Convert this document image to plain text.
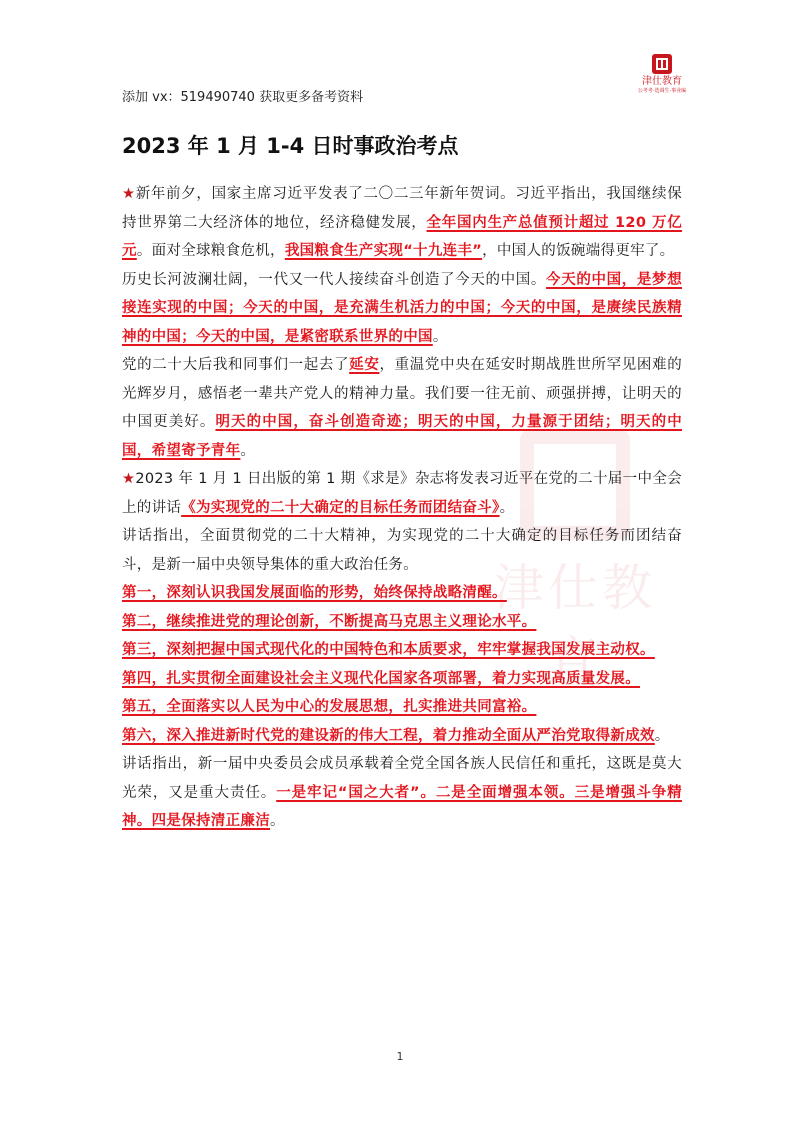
添加 vx：519490740 获取更多备考资料
津仕教育
公考考·选调生·事业编
津仕教育
2023 年 1 月 1-4 日时事政治考点

★新年前夕，国家主席习近平发表了二〇二三年新年贺词。习近平指出，我国继续保持世界第二大经济体的地位，经济稳健发展，全年国内生产总值预计超过 120 万亿元。面对全球粮食危机，我国粮食生产实现“十九连丰”，中国人的饭碗端得更牢了。

历史长河波澜壮阔，一代又一代人接续奋斗创造了今天的中国。今天的中国，是梦想接连实现的中国；今天的中国，是充满生机活力的中国；今天的中国，是赓续民族精神的中国；今天的中国，是紧密联系世界的中国。

党的二十大后我和同事们一起去了延安，重温党中央在延安时期战胜世所罕见困难的光辉岁月，感悟老一辈共产党人的精神力量。我们要一往无前、顽强拼搏，让明天的中国更美好。明天的中国，奋斗创造奇迹；明天的中国，力量源于团结；明天的中国，希望寄予青年。

★2023 年 1 月 1 日出版的第 1 期《求是》杂志将发表习近平在党的二十届一中全会上的讲话《为实现党的二十大确定的目标任务而团结奋斗》。

讲话指出，全面贯彻党的二十大精神，为实现党的二十大确定的目标任务而团结奋斗，是新一届中央领导集体的重大政治任务。

第一，深刻认识我国发展面临的形势，始终保持战略清醒。

第二，继续推进党的理论创新，不断提高马克思主义理论水平。

第三，深刻把握中国式现代化的中国特色和本质要求，牢牢掌握我国发展主动权。

第四，扎实贯彻全面建设社会主义现代化国家各项部署，着力实现高质量发展。

第五，全面落实以人民为中心的发展思想，扎实推进共同富裕。

第六，深入推进新时代党的建设新的伟大工程，着力推动全面从严治党取得新成效。

讲话指出，新一届中央委员会成员承载着全党全国各族人民信任和重托，这既是莫大光荣，又是重大责任。一是牢记“国之大者”。二是全面增强本领。三是增强斗争精神。四是保持清正廉洁。

1
